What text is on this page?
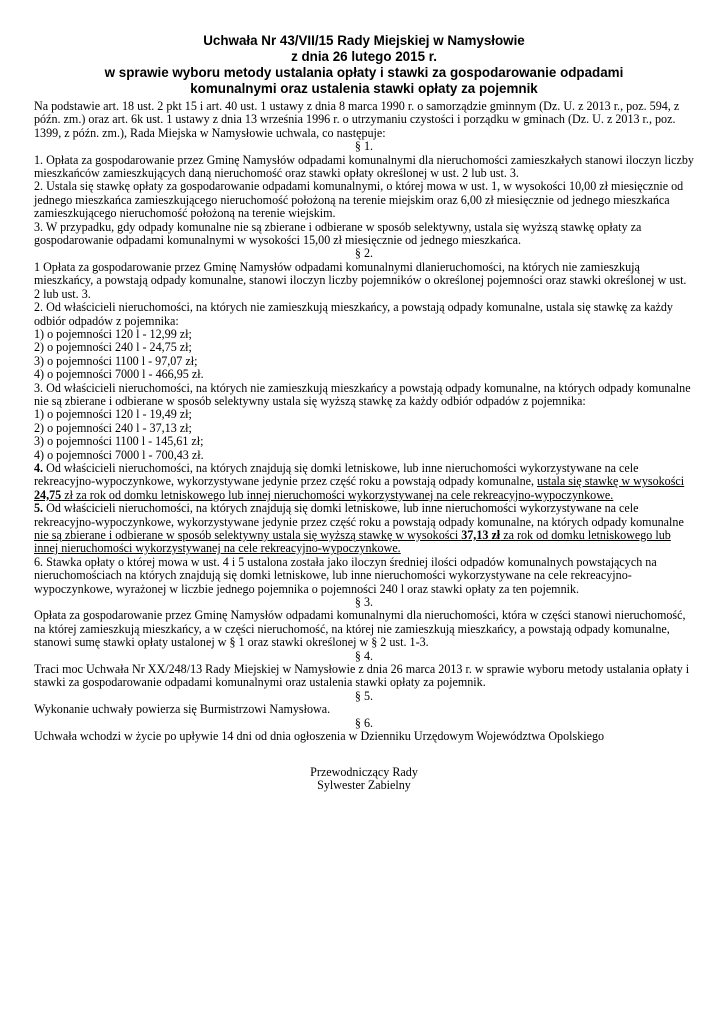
Uchwała Nr 43/VII/15 Rady Miejskiej w Namysłowie
z dnia 26 lutego 2015 r.
w sprawie wyboru metody ustalania opłaty i stawki za gospodarowanie odpadami
komunalnymi oraz ustalenia stawki opłaty za pojemnik

Na podstawie art. 18 ust. 2 pkt 15 i art. 40 ust. 1 ustawy z dnia 8 marca 1990 r. o samorządzie gminnym (Dz. U. z 2013 r., poz. 594, z późn. zm.) oraz art. 6k ust. 1 ustawy z dnia 13 września 1996 r. o utrzymaniu czystości i porządku w gminach (Dz. U. z 2013 r., poz. 1399, z późn. zm.), Rada Miejska w Namysłowie uchwala, co następuje:

§ 1.

1. Opłata za gospodarowanie przez Gminę Namysłów odpadami komunalnymi dla nieruchomości zamieszkałych stanowi iloczyn liczby mieszkańców zamieszkujących daną nieruchomość oraz stawki opłaty określonej w ust. 2 lub ust. 3.

2. Ustala się stawkę opłaty za gospodarowanie odpadami komunalnymi, o której mowa w ust. 1, w wysokości 10,00 zł miesięcznie od jednego mieszkańca zamieszkującego nieruchomość położoną na terenie miejskim oraz 6,00 zł miesięcznie od jednego mieszkańca zamieszkującego nieruchomość położoną na terenie wiejskim.

3. W przypadku, gdy odpady komunalne nie są zbierane i odbierane w sposób selektywny, ustala się wyższą stawkę opłaty za gospodarowanie odpadami komunalnymi w wysokości 15,00 zł miesięcznie od jednego mieszkańca.

§ 2.

1 Opłata za gospodarowanie przez Gminę Namysłów odpadami komunalnymi dlanieruchomości, na których nie zamieszkują mieszkańcy, a powstają odpady komunalne, stanowi iloczyn liczby pojemników o określonej pojemności oraz stawki określonej w ust. 2 lub ust. 3.

2. Od właścicieli nieruchomości, na których nie zamieszkują mieszkańcy, a powstają odpady komunalne, ustala się stawkę za każdy odbiór odpadów z pojemnika:

1) o pojemności 120 l - 12,99 zł;

2) o pojemności 240 l - 24,75 zł;

3) o pojemności 1100 l - 97,07 zł;

4) o pojemności 7000 l - 466,95 zł.

3. Od właścicieli nieruchomości, na których nie zamieszkują mieszkańcy a powstają odpady komunalne, na których odpady komunalne nie są zbierane i odbierane w sposób selektywny ustala się wyższą stawkę za każdy odbiór odpadów z pojemnika:

1) o pojemności 120 l - 19,49 zł;

2) o pojemności 240 l - 37,13 zł;

3) o pojemności 1100 l - 145,61 zł;

4) o pojemności 7000 l - 700,43 zł.

4. Od właścicieli nieruchomości, na których znajdują się domki letniskowe, lub inne nieruchomości wykorzystywane na cele rekreacyjno-wypoczynkowe, wykorzystywane jedynie przez część roku a powstają odpady komunalne, ustala się stawkę w wysokości 24,75 zł za rok od domku letniskowego lub innej nieruchomości wykorzystywanej na cele rekreacyjno-wypoczynkowe.

5. Od właścicieli nieruchomości, na których znajdują się domki letniskowe, lub inne nieruchomości wykorzystywane na cele rekreacyjno-wypoczynkowe, wykorzystywane jedynie przez część roku a powstają odpady komunalne, na których odpady komunalne nie są zbierane i odbierane w sposób selektywny ustala się wyższą stawkę w wysokości 37,13 zł za rok od domku letniskowego lub innej nieruchomości wykorzystywanej na cele rekreacyjno-wypoczynkowe.

6. Stawka opłaty o której mowa w ust. 4 i 5 ustalona została jako iloczyn średniej ilości odpadów komunalnych powstających na nieruchomościach na których znajdują się domki letniskowe, lub inne nieruchomości wykorzystywane na cele rekreacyjno-wypoczynkowe, wyrażonej w liczbie jednego pojemnika o pojemności 240 l oraz stawki opłaty za ten pojemnik.

§ 3.

Opłata za gospodarowanie przez Gminę Namysłów odpadami komunalnymi dla nieruchomości, która w części stanowi nieruchomość, na której zamieszkują mieszkańcy, a w części nieruchomość, na której nie zamieszkują mieszkańcy, a powstają odpady komunalne, stanowi sumę stawki opłaty ustalonej w § 1 oraz stawki określonej w § 2 ust. 1-3.

§ 4.

Traci moc Uchwała Nr XX/248/13 Rady Miejskiej w Namysłowie z dnia 26 marca 2013 r. w sprawie wyboru metody ustalania opłaty i stawki za gospodarowanie odpadami komunalnymi oraz ustalenia stawki opłaty za pojemnik.

§ 5.

Wykonanie uchwały powierza się Burmistrzowi Namysłowa.

§ 6.

Uchwała wchodzi w życie po upływie 14 dni od dnia ogłoszenia w Dzienniku Urzędowym Województwa Opolskiego

Przewodniczący Rady

Sylwester Zabielny
